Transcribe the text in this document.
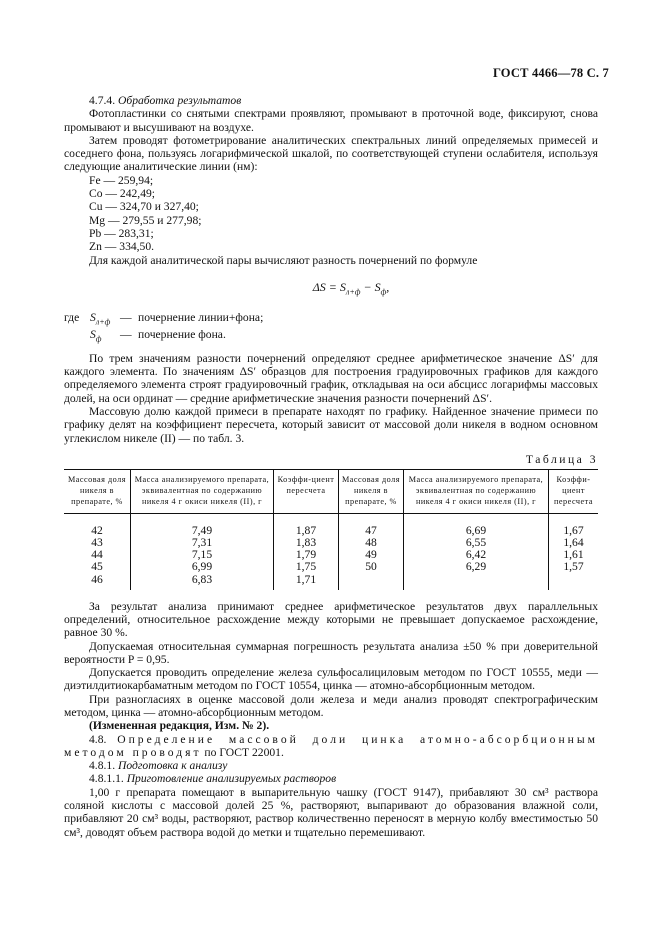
ГОСТ 4466—78 С. 7

4.7.4. Обработка результатов

Фотопластинки со снятыми спектрами проявляют, промывают в проточной воде, фиксируют, снова промывают и высушивают на воздухе.

Затем проводят фотометрирование аналитических спектральных линий определяемых примесей и соседнего фона, пользуясь логарифмической шкалой, по соответствующей ступени ослабителя, используя следующие аналитические линии (нм):

Fe — 259,94;
Co — 242,49;
Cu — 324,70 и 327,40;
Mg — 279,55 и 277,98;
Pb — 283,31;
Zn — 334,50.

Для каждой аналитической пары вычисляют разность почернений по формуле

$\Delta S = S_{л+ф} - S_ф$,
где $S_{л+ф}$ — почернение линии+фона;
$S_ф$	— почернение фона.

По трем значениям разности почернений определяют среднее арифметическое значение ΔS′ для каждого элемента. По значениям ΔS′ образцов для построения градуировочных графиков для каждого определяемого элемента строят градуировочный график, откладывая на оси абсцисс логарифмы массовых долей, на оси ординат — средние арифметические значения разности почернений ΔS′.

Массовую долю каждой примеси в препарате находят по графику. Найденное значение примеси по графику делят на коэффициент пересчета, который зависит от массовой доли никеля в водном основном углекислом никеле (II) — по табл. 3.

Таблица 3
Массовая доля никеля в препарате, %	Масса анализируемого препарата, эквивалентная по содержанию никеля 4 г окиси никеля (II), г	Коэффи-циент пересчета	Массовая доля никеля в препарате, %	Масса анализируемого препарата, эквивалентная по содержанию никеля 4 г окиси никеля (II), г	Коэффи-циент пересчета
42	7,49	1,87	47	6,69	1,67
43	7,31	1,83	48	6,55	1,64
44	7,15	1,79	49	6,42	1,61
45	6,99	1,75	50	6,29	1,57
46	6,83	1,71			

За результат анализа принимают среднее арифметическое результатов двух параллельных определений, относительное расхождение между которыми не превышает допускаемое расхождение, равное 30 %.

Допускаемая относительная суммарная погрешность результата анализа ±50 % при доверительной вероятности P = 0,95.

Допускается проводить определение железа сульфосалициловым методом по ГОСТ 10555, меди — диэтилдитиокарбаматным методом по ГОСТ 10554, цинка — атомно-абсорбционным методом.

При разногласиях в оценке массовой доли железа и меди анализ проводят спектрографическим методом, цинка — атомно-абсорбционным методом.

(Измененная редакция, Изм. № 2).

4.8. Определение массовой доли цинка атомно-абсорбционным методом проводят по ГОСТ 22001.

4.8.1. Подготовка к анализу

4.8.1.1. Приготовление анализируемых растворов

1,00 г препарата помещают в выпарительную чашку (ГОСТ 9147), прибавляют 30 см³ раствора соляной кислоты с массовой долей 25 %, растворяют, выпаривают до образования влажной соли, прибавляют 20 см³ воды, растворяют, раствор количественно переносят в мерную колбу вместимостью 50 см³, доводят объем раствора водой до метки и тщательно перемешивают.
